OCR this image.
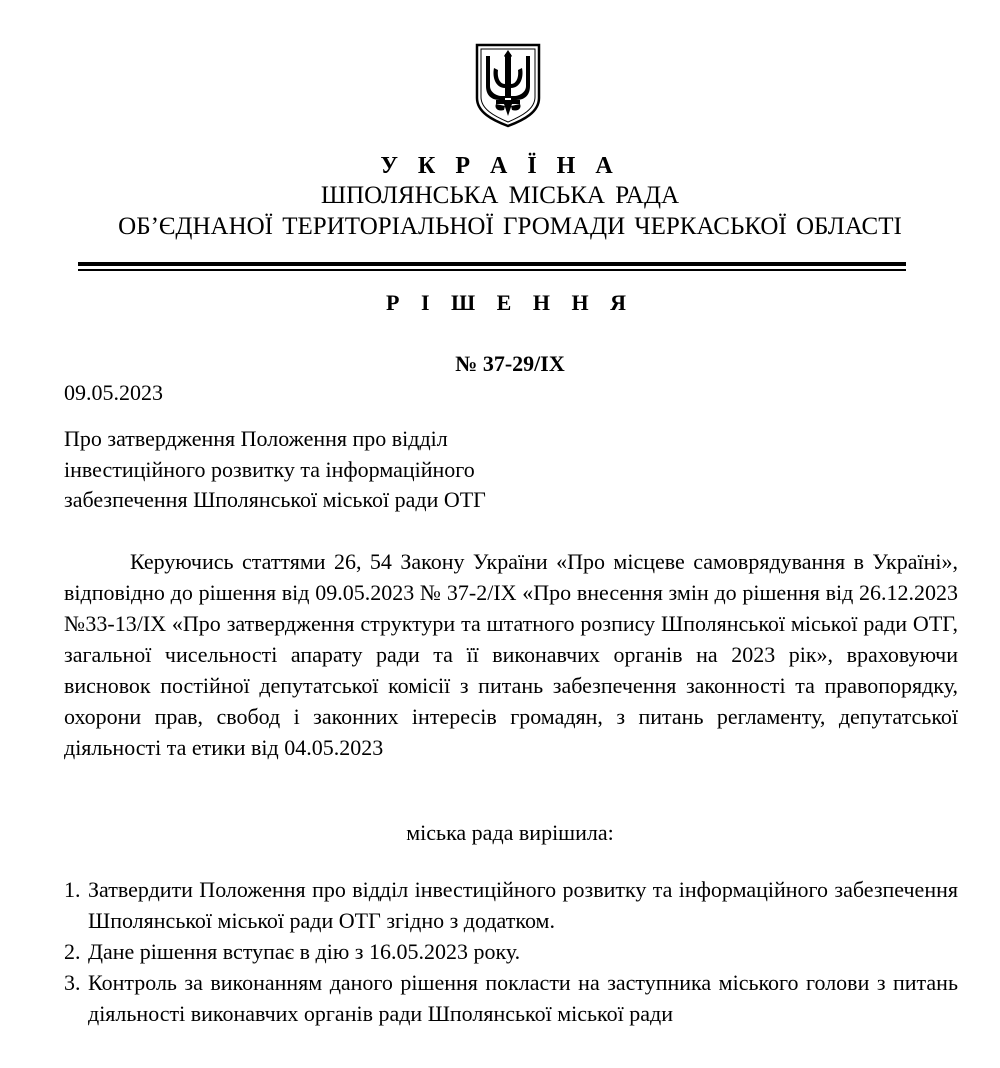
У К Р А Ї Н А
ШПОЛЯНСЬКА МІСЬКА РАДА
ОБ’ЄДНАНОЇ ТЕРИТОРІАЛЬНОЇ ГРОМАДИ ЧЕРКАСЬКОЇ ОБЛАСТІ
Р І Ш Е Н Н Я
№ 37-29/ІХ
09.05.2023
Про затвердження Положення про відділ
інвестиційного розвитку та інформаційного
забезпечення Шполянської міської ради ОТГ

Керуючись статтями 26, 54 Закону України «Про місцеве самоврядування в Україні», відповідно до рішення від 09.05.2023 № 37-2/ІХ «Про внесення змін до рішення від 26.12.2023 №33-13/ІХ «Про затвердження структури та штатного розпису Шполянської міської ради ОТГ, загальної чисельності апарату ради та її виконавчих органів на 2023 рік», враховуючи висновок постійної депутатської комісії з питань забезпечення законності та правопорядку, охорони прав, свобод і законних інтересів громадян, з питань регламенту, депутатської діяльності та етики від 04.05.2023

міська рада вирішила:
1. Затвердити Положення про відділ інвестиційного розвитку та інформаційного забезпечення Шполянської міської ради ОТГ згідно з додатком.
2. Дане рішення вступає в дію з 16.05.2023 року.
3. Контроль за виконанням даного рішення покласти на заступника міського голови з питань діяльності виконавчих органів ради Шполянської міської ради
